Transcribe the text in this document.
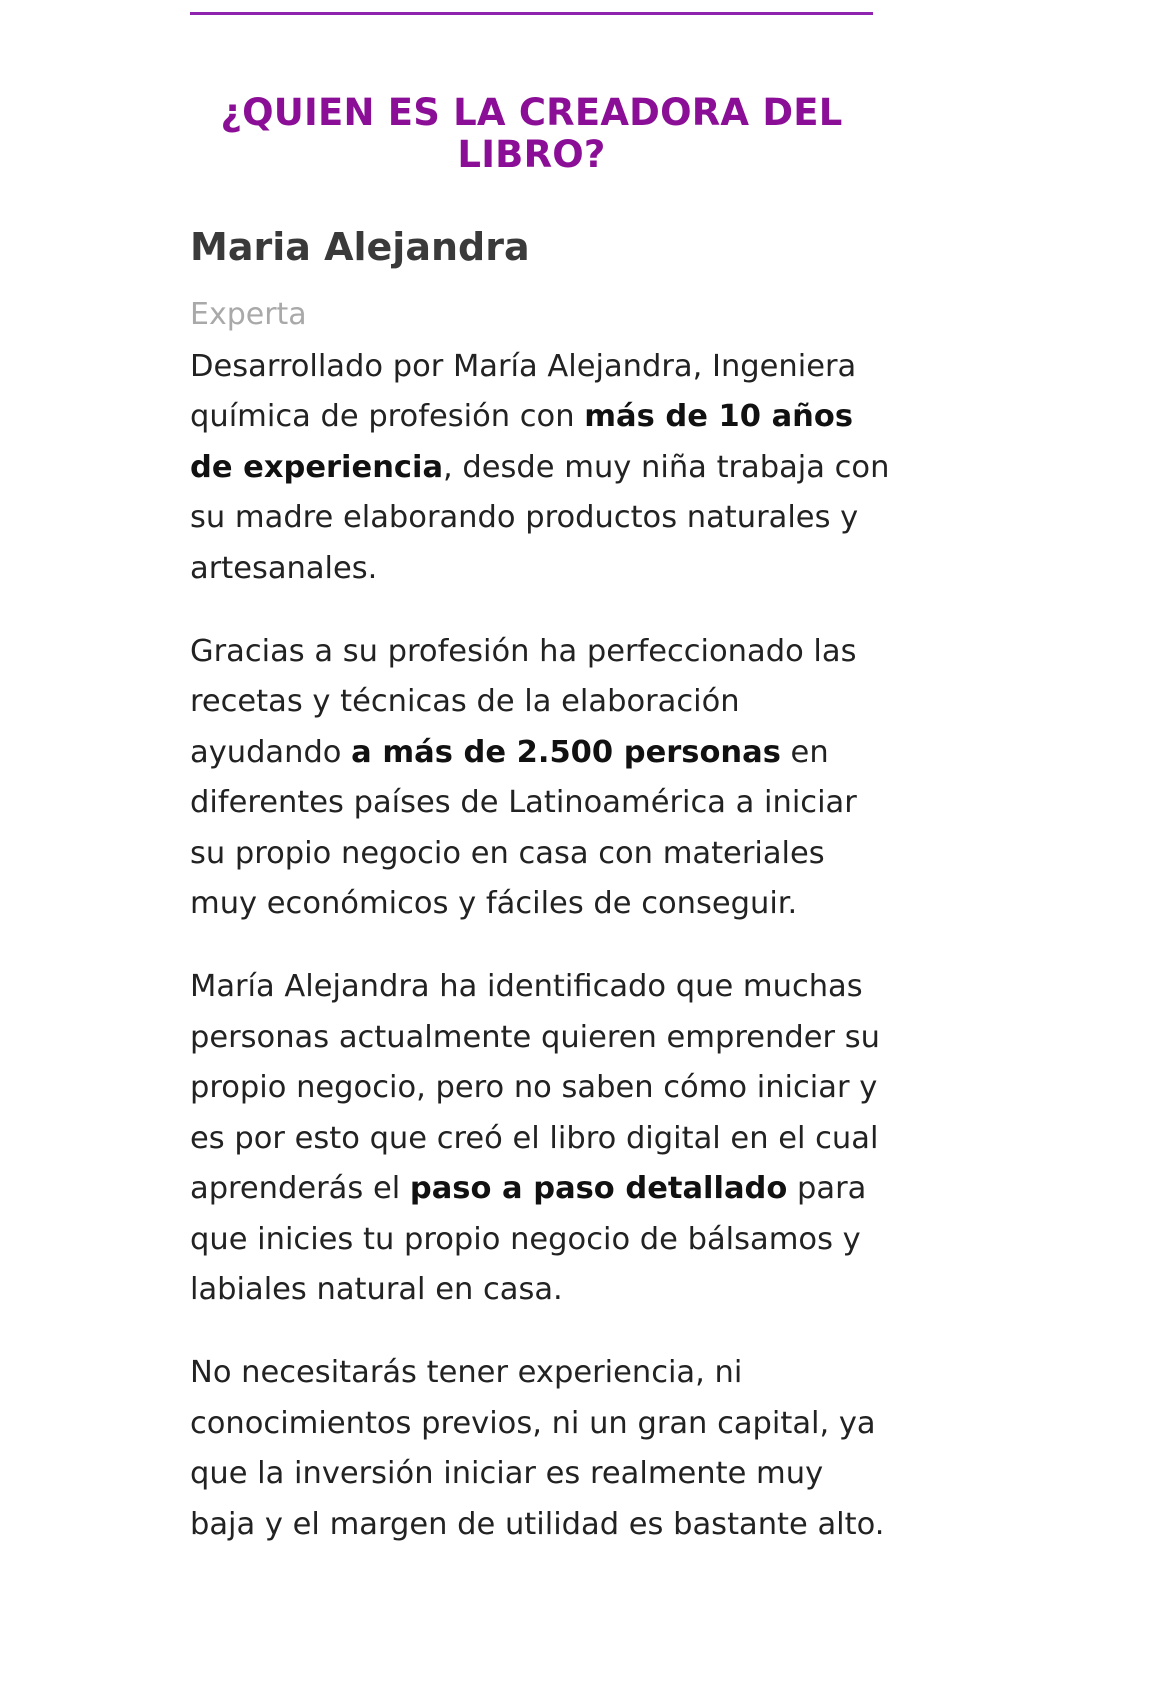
¿QUIEN ES LA CREADORA DEL LIBRO?
Maria Alejandra
Experta

Desarrollado por María Alejandra, Ingeniera química de profesión con más de 10 años de experiencia, desde muy niña trabaja con su madre elaborando productos naturales y artesanales.

Gracias a su profesión ha perfeccionado las recetas y técnicas de la elaboración ayudando a más de 2.500 personas en diferentes países de Latinoamérica a iniciar su propio negocio en casa con materiales muy económicos y fáciles de conseguir.

María Alejandra ha identificado que muchas personas actualmente quieren emprender su propio negocio, pero no saben cómo iniciar y es por esto que creó el libro digital en el cual aprenderás el paso a paso detallado para que inicies tu propio negocio de bálsamos y labiales natural en casa.

No necesitarás tener experiencia, ni conocimientos previos, ni un gran capital, ya que la inversión iniciar es realmente muy baja y el margen de utilidad es bastante alto.
